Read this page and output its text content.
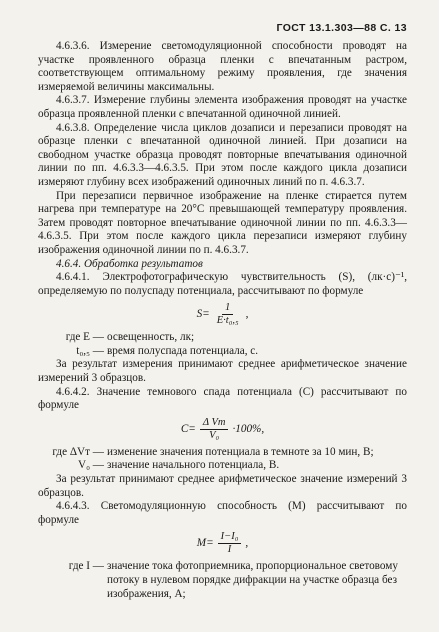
ГОСТ 13.1.303—88 С. 13

4.6.3.6. Измерение светомодуляционной способности проводят на участке проявленного образца пленки с впечатанным растром, соответствующем оптимальному режиму проявления, где значения измеряемой величины максимальны.

4.6.3.7. Измерение глубины элемента изображения проводят на участке образца проявленной пленки с впечатанной одиночной линией.

4.6.3.8. Определение числа циклов дозаписи и перезаписи проводят на образце пленки с впечатанной одиночной линией. При дозаписи на свободном участке образца проводят повторные впечатывания одиночной линии по пп. 4.6.3.3—4.6.3.5. При этом после каждого цикла дозаписи измеряют глубину всех изображений одиночных линий по п. 4.6.3.7.

При перезаписи первичное изображение на пленке стирается путем нагрева при температуре на 20°С превышающей температуру проявления. Затем проводят повторное впечатывание одиночной линии по пп. 4.6.3.3—4.6.3.5. При этом после каждого цикла перезаписи измеряют глубину изображения одиночной линии по п. 4.6.3.7.

4.6.4. Обработка результатов

4.6.4.1. Электрофотографическую чувствительность (S), (лк·с)⁻¹, определяемую по полуспаду потенциала, рассчитывают по формуле

$S= \frac{1}{\text{E·t₀,₅}}$ ,
где E — освещенность, лк;
t₀,₅ — время полуспада потенциала, с.

За результат измерения принимают среднее арифметическое значение измерений 3 образцов.

4.6.4.2. Значение темнового спада потенциала (С) рассчитывают по формуле

$C= \frac{\text{Δ Vт}}{\text{V₀}} \cdot 100\%$,
где ΔVт — изменение значения потенциала в темноте за 10 мин, В;
V₀ — значение начального потенциала, В.

За результат принимают среднее арифметическое значение измерений 3 образцов.

4.6.4.3. Светомодуляционную способность (М) рассчитывают по формуле

$M= \frac{\text{I−I₀}}{I}$ ,
где I — значение тока фотоприемника, пропорциональное световому потоку в нулевом порядке дифракции на участке образца без изображения, А;
